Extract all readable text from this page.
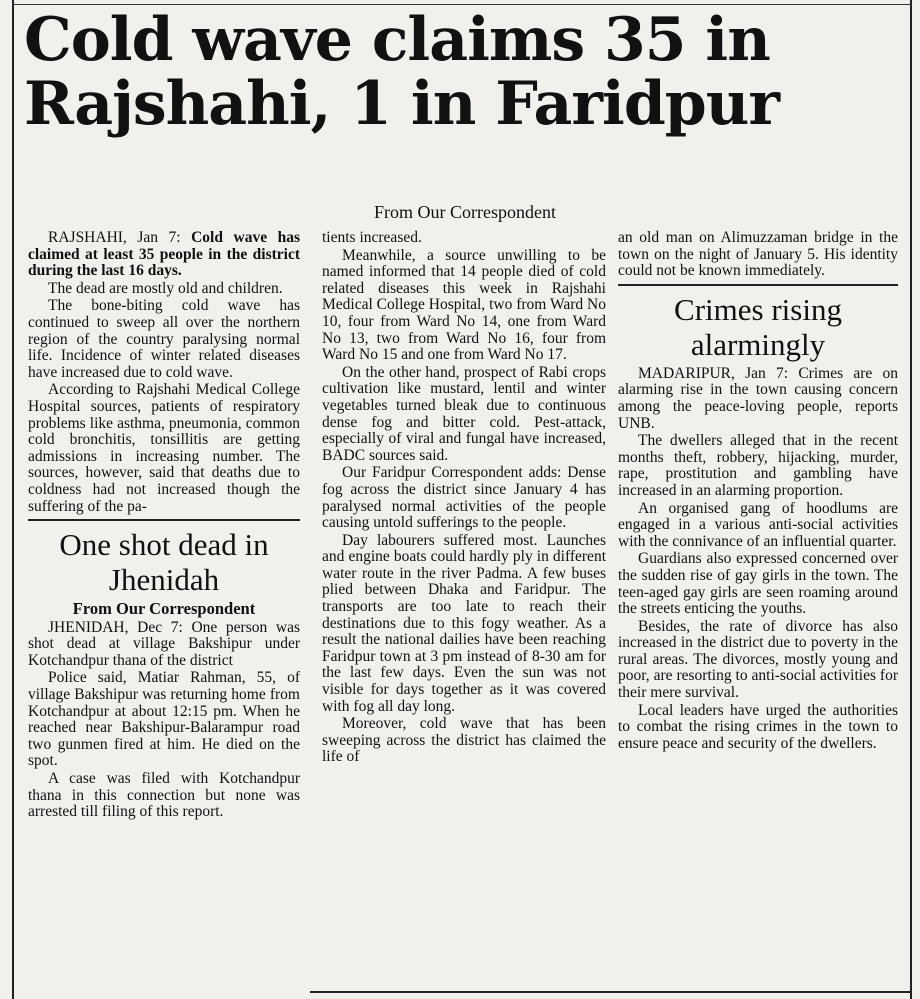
Cold wave claims 35 in Rajshahi, 1 in Faridpur
From Our Correspondent

RAJSHAHI, Jan 7: Cold wave has claimed at least 35 people in the district during the last 16 days.

The dead are mostly old and children.

The bone-biting cold wave has continued to sweep all over the northern region of the country paralysing normal life. Incidence of winter related diseases have increased due to cold wave.

According to Rajshahi Medical College Hospital sources, patients of respiratory problems like asthma, pneumonia, common cold bronchitis, tonsillitis are getting admissions in increasing number. The sources, however, said that deaths due to coldness had not increased though the suffering of the pa-

One shot dead in Jhenidah
From Our Correspondent

JHENIDAH, Dec 7: One person was shot dead at village Bakshipur under Kotchandpur thana of the district

Police said, Matiar Rahman, 55, of village Bakshipur was returning home from Kotchandpur at about 12:15 pm. When he reached near Bakshipur-Balarampur road two gunmen fired at him. He died on the spot.

A case was filed with Kotchandpur thana in this connection but none was arrested till filing of this report.

tients increased.

Meanwhile, a source unwilling to be named informed that 14 people died of cold related diseases this week in Rajshahi Medical College Hospital, two from Ward No 10, four from Ward No 14, one from Ward No 13, two from Ward No 16, four from Ward No 15 and one from Ward No 17.

On the other hand, prospect of Rabi crops cultivation like mustard, lentil and winter vegetables turned bleak due to continuous dense fog and bitter cold. Pest-attack, especially of viral and fungal have increased, BADC sources said.

Our Faridpur Correspondent adds: Dense fog across the district since January 4 has paralysed normal activities of the people causing untold sufferings to the people.

Day labourers suffered most. Launches and engine boats could hardly ply in different water route in the river Padma. A few buses plied between Dhaka and Faridpur. The transports are too late to reach their destinations due to this fogy weather. As a result the national dailies have been reaching Faridpur town at 3 pm instead of 8-30 am for the last few days. Even the sun was not visible for days together as it was covered with fog all day long.

Moreover, cold wave that has been sweeping across the district has claimed the life of

an old man on Alimuzzaman bridge in the town on the night of January 5. His identity could not be known immediately.

Crimes rising alarmingly

MADARIPUR, Jan 7: Crimes are on alarming rise in the town causing concern among the peace-loving people, reports UNB.

The dwellers alleged that in the recent months theft, robbery, hijacking, murder, rape, prostitution and gambling have increased in an alarming proportion.

An organised gang of hoodlums are engaged in a various anti-social activities with the connivance of an influential quarter.

Guardians also expressed concerned over the sudden rise of gay girls in the town. The teen-aged gay girls are seen roaming around the streets enticing the youths.

Besides, the rate of divorce has also increased in the district due to poverty in the rural areas. The divorces, mostly young and poor, are resorting to anti-social activities for their mere survival.

Local leaders have urged the authorities to combat the rising crimes in the town to ensure peace and security of the dwellers.
